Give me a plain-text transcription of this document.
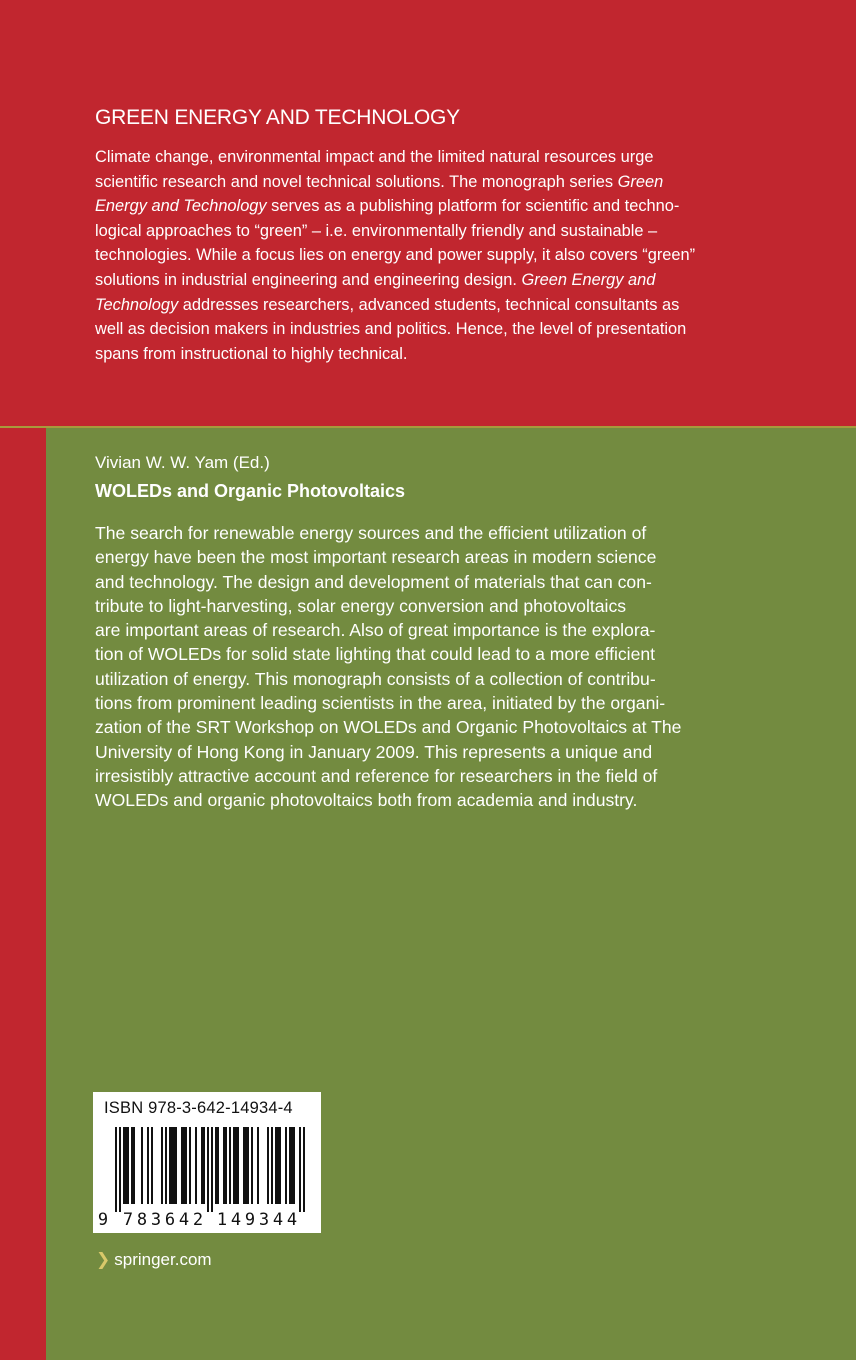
GREEN ENERGY AND TECHNOLOGY

Climate change, environmental impact and the limited natural resources urge
scientific research and novel technical solutions. The monograph series Green
Energy and Technology serves as a publishing platform for scientific and techno-
logical approaches to “green” – i.e. environmentally friendly and sustainable –
technologies. While a focus lies on energy and power supply, it also covers “green”
solutions in industrial engineering and engineering design. Green Energy and
Technology addresses researchers, advanced students, technical consultants as
well as decision makers in industries and politics. Hence, the level of presentation
spans from instructional to highly technical.

Vivian W. W. Yam (Ed.)

WOLEDs and Organic Photovoltaics

The search for renewable energy sources and the efficient utilization of
energy have been the most important research areas in modern science
and technology. The design and development of materials that can con-
tribute to light-harvesting, solar energy conversion and photovoltaics
are important areas of research. Also of great importance is the explora-
tion of WOLEDs for solid state lighting that could lead to a more efficient
utilization of energy. This monograph consists of a collection of contribu-
tions from prominent leading scientists in the area, initiated by the organi-
zation of the SRT Workshop on WOLEDs and Organic Photovoltaics at The
University of Hong Kong in January 2009. This represents a unique and
irresistibly attractive account and reference for researchers in the field of
WOLEDs and organic photovoltaics both from academia and industry.

9 7 8 3 6 4 2 1 4 9 3 4 4
ISBN 978-3-642-14934-4
❯ springer.com
